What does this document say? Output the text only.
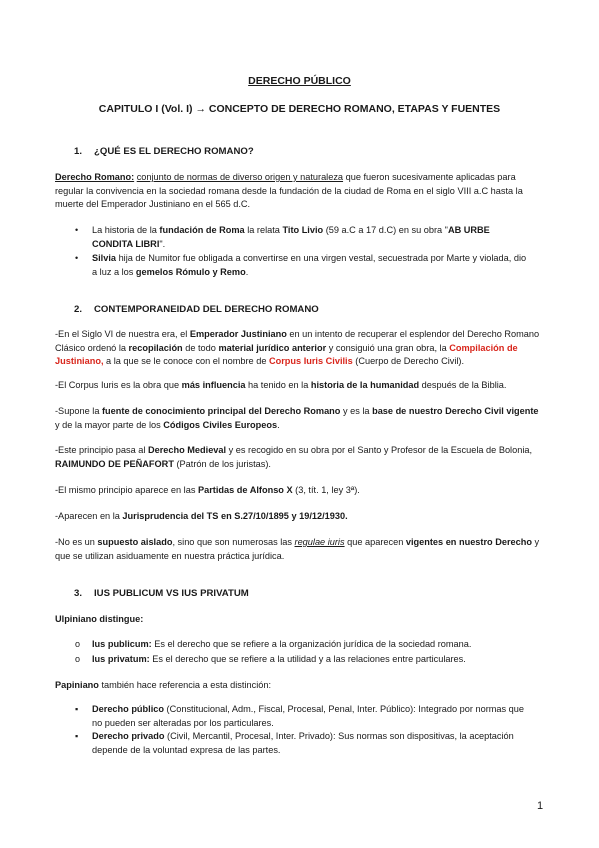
DERECHO PÚBLICO
CAPITULO I (Vol. I) → CONCEPTO DE DERECHO ROMANO, ETAPAS Y FUENTES
1. ¿QUÉ ES EL DERECHO ROMANO?
Derecho Romano: conjunto de normas de diverso origen y naturaleza que fueron sucesivamente aplicadas para regular la convivencia en la sociedad romana desde la fundación de la ciudad de Roma en el siglo VIII a.C hasta la muerte del Emperador Justiniano en el 565 d.C.
• La historia de la fundación de Roma la relata Tito Livio (59 a.C a 17 d.C) en su obra "AB URBE CONDITA LIBRI".
• Silvia hija de Numitor fue obligada a convertirse en una virgen vestal, secuestrada por Marte y violada, dio a luz a los gemelos Rómulo y Remo.
2. CONTEMPORANEIDAD DEL DERECHO ROMANO
-En el Siglo VI de nuestra era, el Emperador Justiniano en un intento de recuperar el esplendor del Derecho Romano Clásico ordenó la recopilación de todo material jurídico anterior y consiguió una gran obra, la Compilación de Justiniano, a la que se le conoce con el nombre de Corpus Iuris Civilis (Cuerpo de Derecho Civil).
-El Corpus Iuris es la obra que más influencia ha tenido en la historia de la humanidad después de la Biblia.
-Supone la fuente de conocimiento principal del Derecho Romano y es la base de nuestro Derecho Civil vigente y de la mayor parte de los Códigos Civiles Europeos.
-Este principio pasa al Derecho Medieval y es recogido en su obra por el Santo y Profesor de la Escuela de Bolonia, RAIMUNDO DE PEÑAFORT (Patrón de los juristas).
-El mismo principio aparece en las Partidas de Alfonso X (3, tít. 1, ley 3ª).
-Aparecen en la Jurisprudencia del TS en S.27/10/1895 y 19/12/1930.
-No es un supuesto aislado, sino que son numerosas las regulae iuris que aparecen vigentes en nuestro Derecho y que se utilizan asiduamente en nuestra práctica jurídica.
3. IUS PUBLICUM VS IUS PRIVATUM
Ulpiniano distingue:
o Ius publicum: Es el derecho que se refiere a la organización jurídica de la sociedad romana.
o Ius privatum: Es el derecho que se refiere a la utilidad y a las relaciones entre particulares.
Papiniano también hace referencia a esta distinción:
▪ Derecho público (Constitucional, Adm., Fiscal, Procesal, Penal, Inter. Público): Integrado por normas que no pueden ser alteradas por los particulares.
▪ Derecho privado (Civil, Mercantil, Procesal, Inter. Privado): Sus normas son dispositivas, la aceptación depende de la voluntad expresa de las partes.
1
